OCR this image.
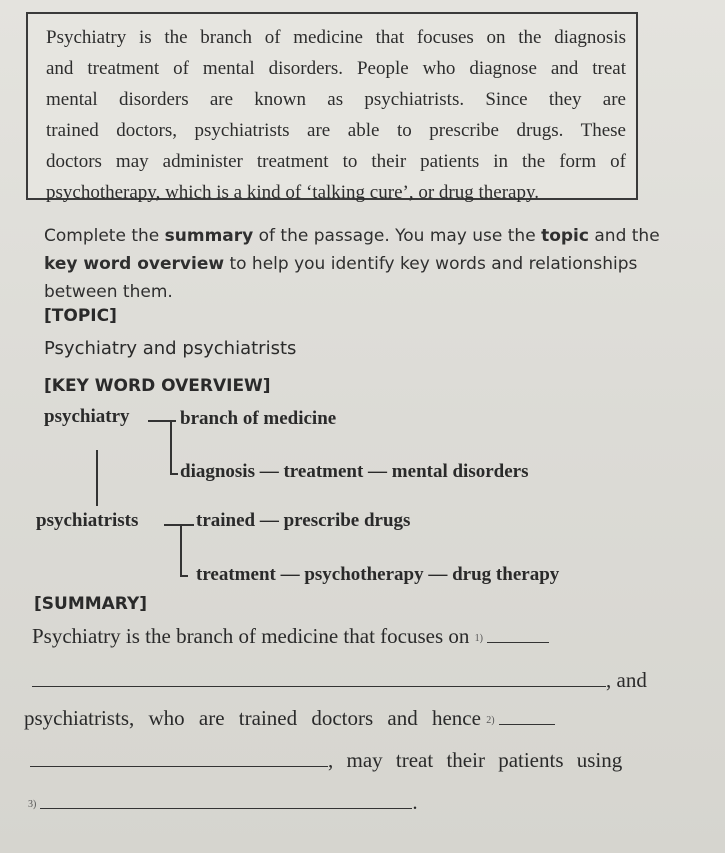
Psychiatry is the branch of medicine that focuses on the diagnosis
and treatment of mental disorders. People who diagnose and treat
mental disorders are known as psychiatrists. Since they are
trained doctors, psychiatrists are able to prescribe drugs. These
doctors may administer treatment to their patients in the form of
psychotherapy, which is a kind of ‘talking cure’, or drug therapy.
Complete the summary of the passage. You may use the topic and the key word overview to help you identify key words and relationships between them.
[TOPIC]
Psychiatry and psychiatrists
[KEY WORD OVERVIEW]
psychiatry	branch of medicine
diagnosis — treatment — mental disorders
psychiatrists	trained — prescribe drugs
treatment — psychotherapy — drug therapy
[SUMMARY]
Psychiatry is the branch of medicine that focuses on 1)
, and
psychiatrists, who are trained doctors and hence 2)
, may treat their patients using
3)	.
